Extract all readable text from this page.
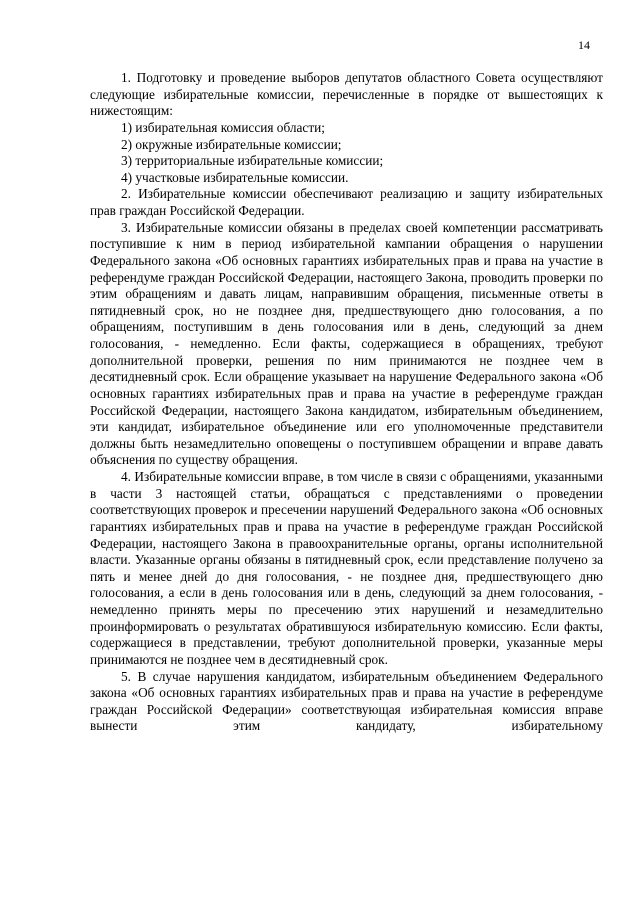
14

1. Подготовку и проведение выборов депутатов областного Совета осуществляют следующие избирательные комиссии, перечисленные в порядке от вышестоящих к нижестоящим:

1) избирательная комиссия области;

2) окружные избирательные комиссии;

3) территориальные избирательные комиссии;

4) участковые избирательные комиссии.

2. Избирательные комиссии обеспечивают реализацию и защиту избирательных прав граждан Российской Федерации.

3. Избирательные комиссии обязаны в пределах своей компетенции рассматривать поступившие к ним в период избирательной кампании обращения о нарушении Федерального закона «Об основных гарантиях избирательных прав и права на участие в референдуме граждан Российской Федерации, настоящего Закона, проводить проверки по этим обращениям и давать лицам, направившим обращения, письменные ответы в пятидневный срок, но не позднее дня, предшествующего дню голосования, а по обращениям, поступившим в день голосования или в день, следующий за днем голосования, - немедленно. Если факты, содержащиеся в обращениях, требуют дополнительной проверки, решения по ним принимаются не позднее чем в десятидневный срок. Если обращение указывает на нарушение Федерального закона «Об основных гарантиях избирательных прав и права на участие в референдуме граждан Российской Федерации, настоящего Закона кандидатом, избирательным объединением, эти кандидат, избирательное объединение или его уполномоченные представители должны быть незамедлительно оповещены о поступившем обращении и вправе давать объяснения по существу обращения.

4. Избирательные комиссии вправе, в том числе в связи с обращениями, указанными в части 3 настоящей статьи, обращаться с представлениями о проведении соответствующих проверок и пресечении нарушений Федерального закона «Об основных гарантиях избирательных прав и права на участие в референдуме граждан Российской Федерации, настоящего Закона в правоохранительные органы, органы исполнительной власти. Указанные органы обязаны в пятидневный срок, если представление получено за пять и менее дней до дня голосования, - не позднее дня, предшествующего дню голосования, а если в день голосования или в день, следующий за днем голосования, - немедленно принять меры по пресечению этих нарушений и незамедлительно проинформировать о результатах обратившуюся избирательную комиссию. Если факты, содержащиеся в представлении, требуют дополнительной проверки, указанные меры принимаются не позднее чем в десятидневный срок.

5. В случае нарушения кандидатом, избирательным объединением Федерального закона «Об основных гарантиях избирательных прав и права на участие в референдуме граждан Российской Федерации» соответствующая избирательная комиссия вправе вынести этим кандидату, избирательному
